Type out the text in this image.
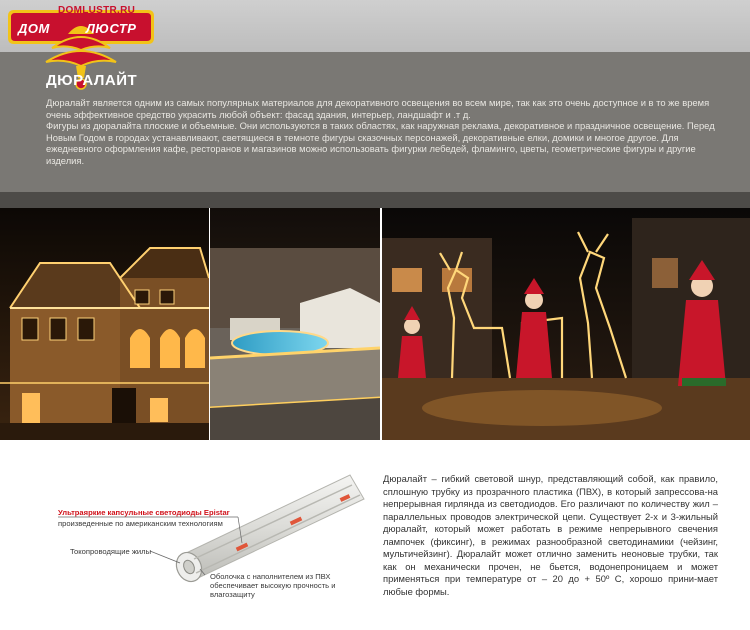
DOMLUSTR.RU
ДОМ	ЛЮСТР
ДЮРАЛАЙТ

Дюралайт является одним из самых популярных материалов для декоративного освещения во всем мире, так как это очень доступное и в то же время очень эффективное средство украсить любой объект: фасад здания, интерьер, ландшафт и .т д.

Фигуры из дюралайта плоские и объемные. Они используются в таких областях, как наружная реклама, декоративное и праздничное освещение. Перед Новым Годом в городах устанавливают, светящиеся в темноте фигуры сказочных персонажей, декоративные елки, домики и многое другое. Для ежедневного оформления кафе, ресторанов и магазинов можно использовать фигурки лебедей, фламинго, цветы, геометрические фигуры и другие изделия.

Ультраяркие капсульные светодиоды Epistar
произведенные по американским технологиям
Токопроводящие жилы
Оболочка с наполнителем из ПВХ обеспечивает высокую прочность и влагозащиту

Дюралайт – гибкий световой шнур, представляющий собой, как правило, сплошную трубку из прозрачного пластика (ПВХ), в который запрессова-на непрерывная гирлянда из светодиодов. Его различают по количеству жил – параллельных проводов электрической цепи. Существует 2-х и 3-жильный дюралайт, который может работать в режиме непрерывного свечения лампочек (фиксинг), в режимах разнообразной светодинамики (чейзинг, мультичейзинг). Дюралайт может отлично заменить неоновые трубки, так как он механически прочен, не бьется, водонепроницаем и может применяться при температуре от – 20 до + 50º С, хорошо прини-мает любые формы.
